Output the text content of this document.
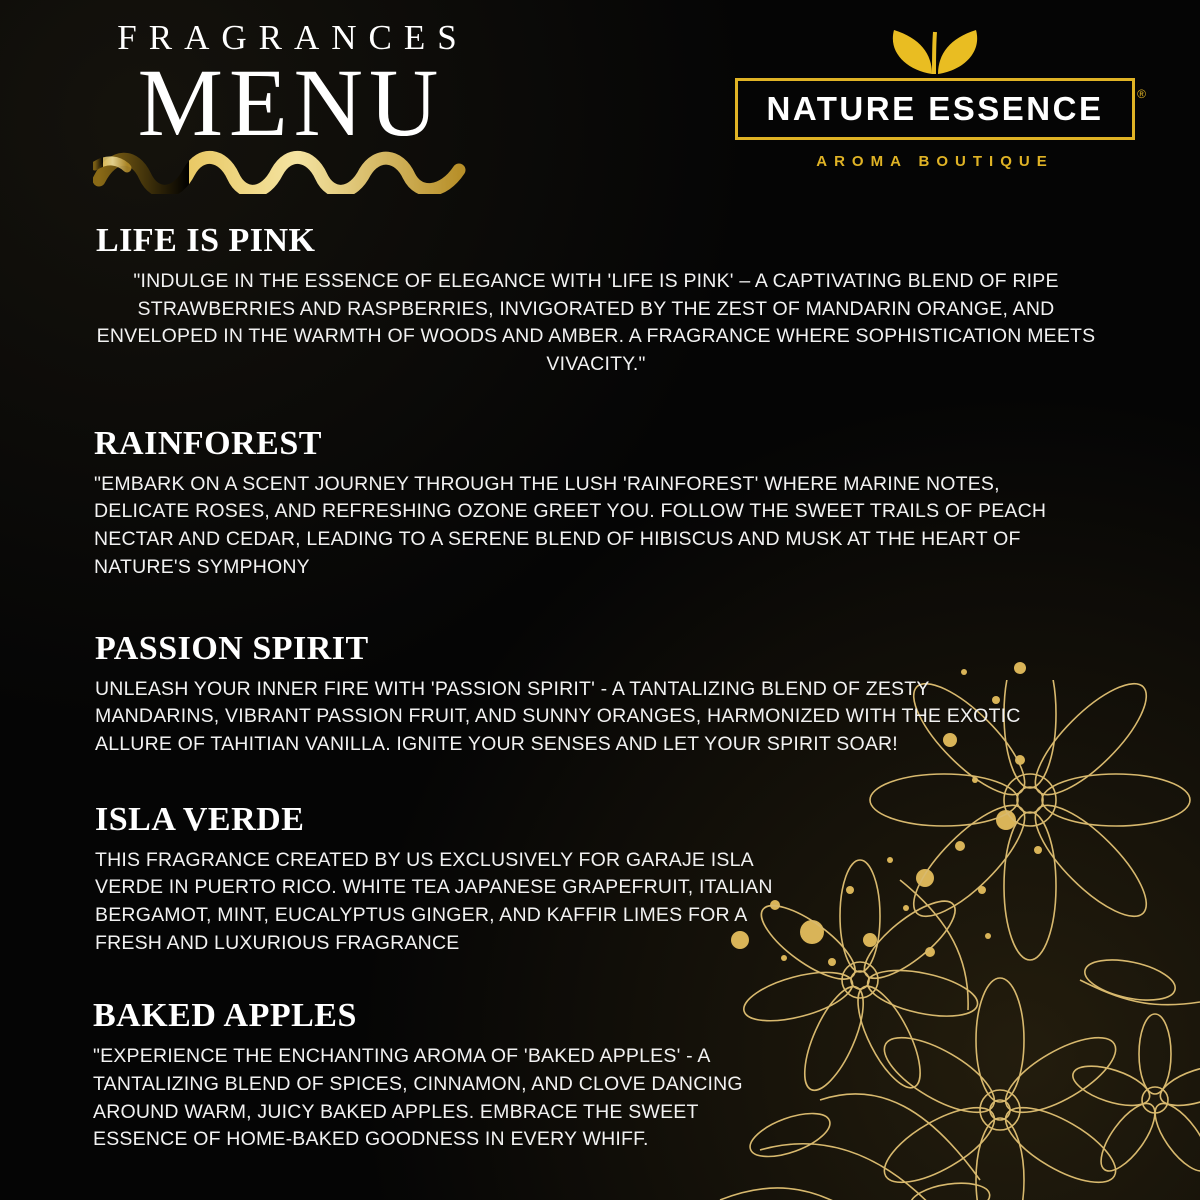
FRAGRANCES
MENU	NATURE ESSENCE	®
AROMA BOUTIQUE
LIFE IS PINK

"INDULGE IN THE ESSENCE OF ELEGANCE WITH 'LIFE IS PINK' – A CAPTIVATING BLEND OF RIPE STRAWBERRIES AND RASPBERRIES, INVIGORATED BY THE ZEST OF MANDARIN ORANGE, AND ENVELOPED IN THE WARMTH OF WOODS AND AMBER. A FRAGRANCE WHERE SOPHISTICATION MEETS VIVACITY."

RAINFOREST

"EMBARK ON A SCENT JOURNEY THROUGH THE LUSH 'RAINFOREST' WHERE MARINE NOTES, DELICATE ROSES, AND REFRESHING OZONE GREET YOU. FOLLOW THE SWEET TRAILS OF PEACH NECTAR AND CEDAR, LEADING TO A SERENE BLEND OF HIBISCUS AND MUSK AT THE HEART OF NATURE'S SYMPHONY

PASSION SPIRIT

UNLEASH YOUR INNER FIRE WITH 'PASSION SPIRIT' - A TANTALIZING BLEND OF ZESTY MANDARINS, VIBRANT PASSION FRUIT, AND SUNNY ORANGES, HARMONIZED WITH THE EXOTIC ALLURE OF TAHITIAN VANILLA. IGNITE YOUR SENSES AND LET YOUR SPIRIT SOAR!

ISLA VERDE

THIS FRAGRANCE CREATED BY US EXCLUSIVELY FOR GARAJE ISLA VERDE IN PUERTO RICO. WHITE TEA JAPANESE GRAPEFRUIT, ITALIAN BERGAMOT, MINT, EUCALYPTUS GINGER, AND KAFFIR LIMES FOR A FRESH AND LUXURIOUS FRAGRANCE

BAKED APPLES

"EXPERIENCE THE ENCHANTING AROMA OF 'BAKED APPLES' - A TANTALIZING BLEND OF SPICES, CINNAMON, AND CLOVE DANCING AROUND WARM, JUICY BAKED APPLES. EMBRACE THE SWEET ESSENCE OF HOME-BAKED GOODNESS IN EVERY WHIFF.
